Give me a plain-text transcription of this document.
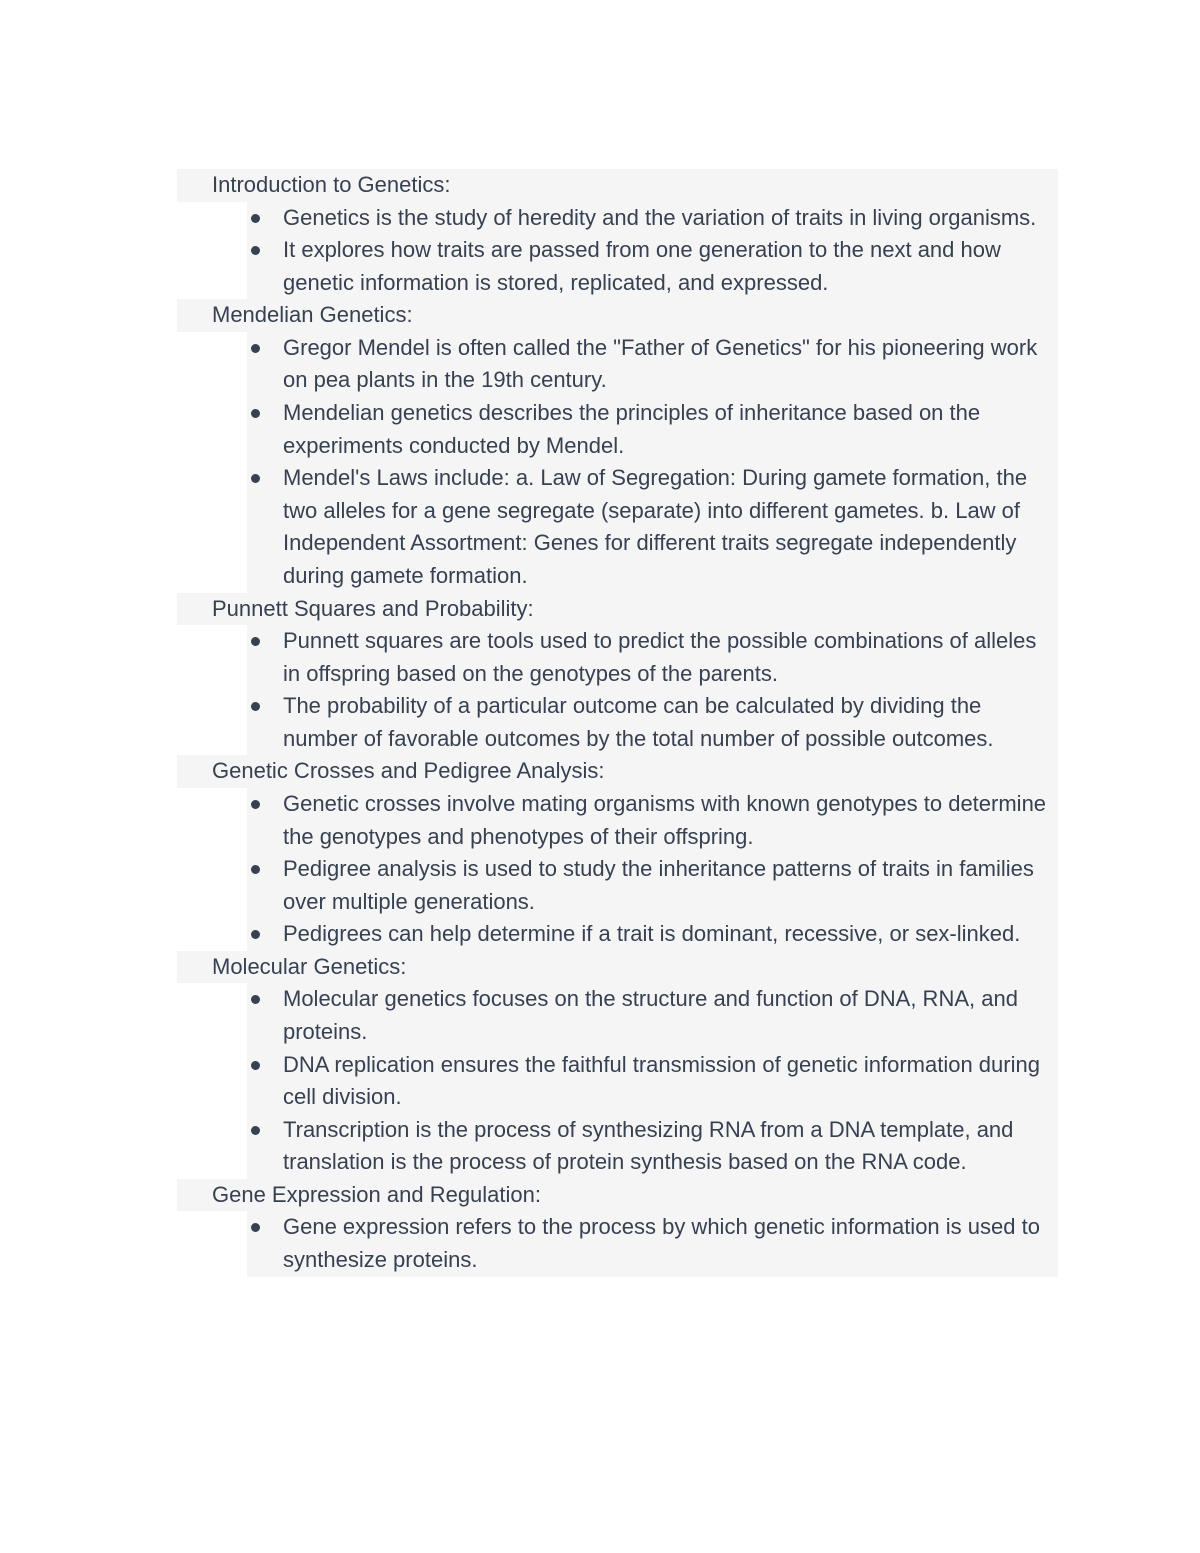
Introduction to Genetics:
Genetics is the study of heredity and the variation of traits in living organisms.
It explores how traits are passed from one generation to the next and how genetic information is stored, replicated, and expressed.
Mendelian Genetics:
Gregor Mendel is often called the "Father of Genetics" for his pioneering work on pea plants in the 19th century.
Mendelian genetics describes the principles of inheritance based on the experiments conducted by Mendel.
Mendel's Laws include: a. Law of Segregation: During gamete formation, the two alleles for a gene segregate (separate) into different gametes. b. Law of Independent Assortment: Genes for different traits segregate independently during gamete formation.
Punnett Squares and Probability:
Punnett squares are tools used to predict the possible combinations of alleles in offspring based on the genotypes of the parents.
The probability of a particular outcome can be calculated by dividing the number of favorable outcomes by the total number of possible outcomes.
Genetic Crosses and Pedigree Analysis:
Genetic crosses involve mating organisms with known genotypes to determine the genotypes and phenotypes of their offspring.
Pedigree analysis is used to study the inheritance patterns of traits in families over multiple generations.
Pedigrees can help determine if a trait is dominant, recessive, or sex-linked.
Molecular Genetics:
Molecular genetics focuses on the structure and function of DNA, RNA, and proteins.
DNA replication ensures the faithful transmission of genetic information during cell division.
Transcription is the process of synthesizing RNA from a DNA template, and translation is the process of protein synthesis based on the RNA code.
Gene Expression and Regulation:
Gene expression refers to the process by which genetic information is used to synthesize proteins.
